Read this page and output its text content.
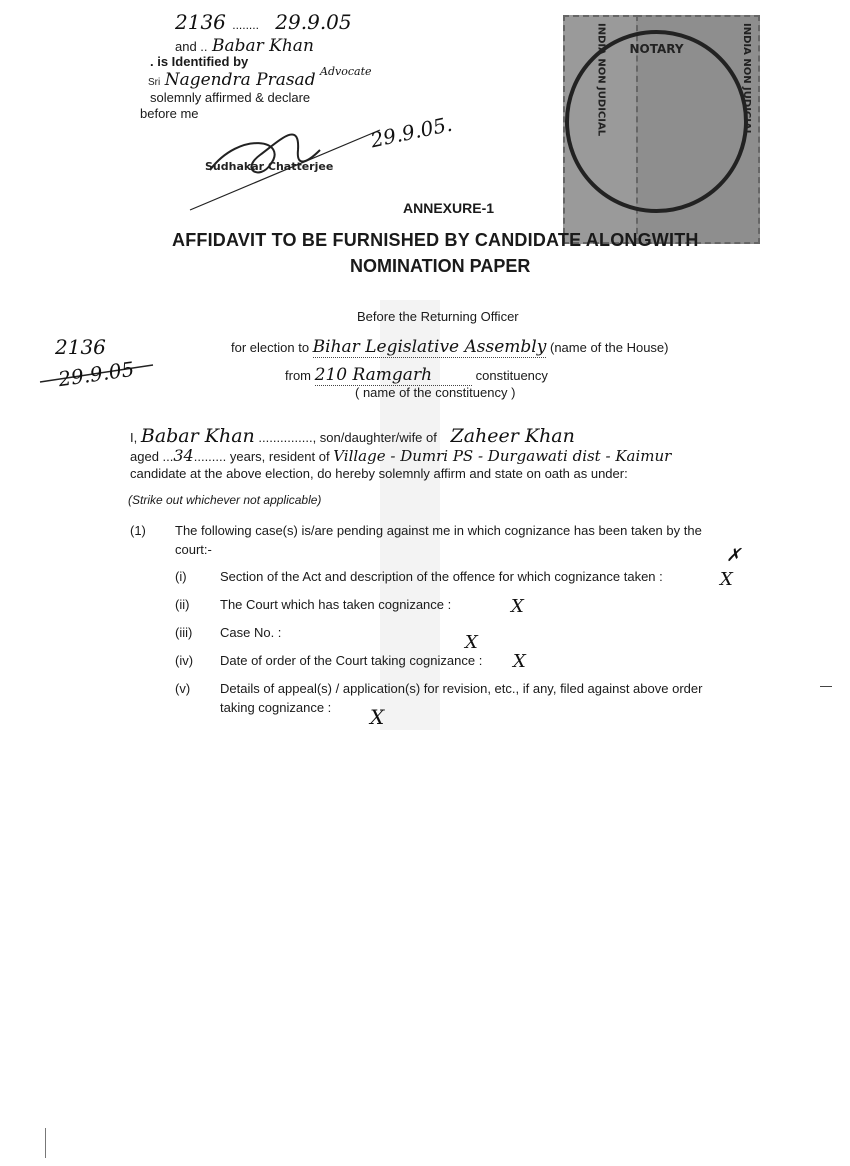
2136 ........ 29.9.05
and .. Babar Khan
. is Identified by
Sri Nagendra Prasad $^{Advocate}$
solemnly affirmed & declare
before me
Sudhakar Chatterjee
29.9.05.	INDIA NON JUDICIAL	INDIA NON JUDICIAL
NOTARY
2136
29.9.05
ANNEXURE-1
AFFIDAVIT TO BE FURNISHED BY CANDIDATE ALONGWITH
NOMINATION PAPER
Before the Returning Officer
for election to Bihar Legislative Assembly (name of the House)
from 210 Ramgarh	constituency
( name of the constituency )
I, Babar Khan ..............., son/daughter/wife of Zaheer Khan
aged ...34......... years, resident of Village - Dumri PS - Durgawati dist - Kaimur
candidate at the above election, do hereby solemnly affirm and state on oath as under:
(Strike out whichever not applicable)
(1) The following case(s) is/are pending against me in which cognizance has been taken by the
court:-	✗
(i)	Section of the Act and description of the offence for which cognizance taken :	X
(ii) The Court which has taken cognizance :	X
(iii) Case No. :	X
(iv) Date of order of the Court taking cognizance : X
(v) Details of appeal(s) / application(s) for revision, etc., if any, filed against above order
taking cognizance : X
